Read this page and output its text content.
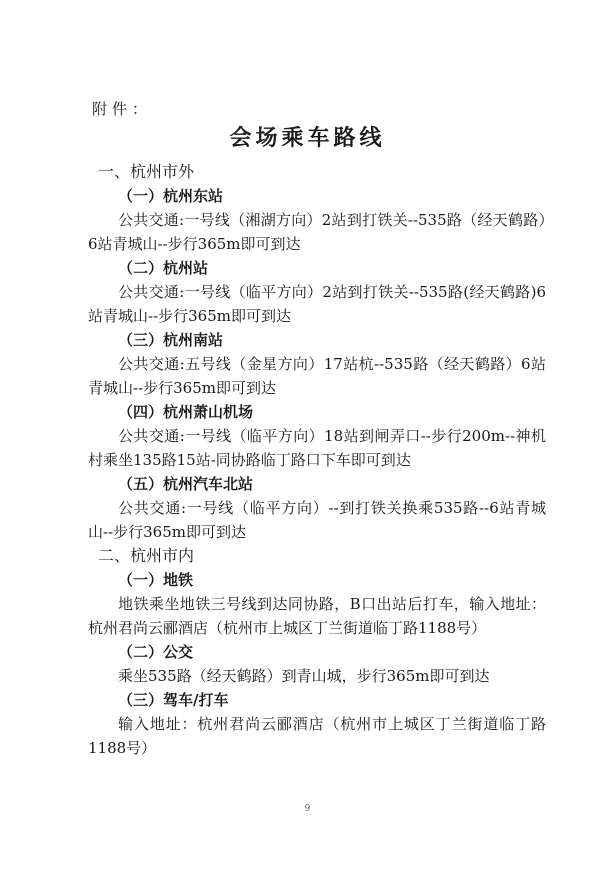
附件：
会场乘车路线
一、杭州市外
（一）杭州东站
公共交通:一号线（湘湖方向）2站到打铁关--535路（经天鹤路）6站青城山--步行365m即可到达
（二）杭州站
公共交通:一号线（临平方向）2站到打铁关--535路(经天鹤路)6站青城山--步行365m即可到达
（三）杭州南站
公共交通:五号线（金星方向）17站杭--535路（经天鹤路）6站青城山--步行365m即可到达
（四）杭州萧山机场
公共交通:一号线（临平方向）18站到闸弄口--步行200m--神机村乘坐135路15站-同协路临丁路口下车即可到达
（五）杭州汽车北站
公共交通:一号线（临平方向）--到打铁关换乘535路--6站青城山--步行365m即可到达
二、杭州市内
（一）地铁
地铁乘坐地铁三号线到达同协路，B口出站后打车，输入地址：杭州君尚云郦酒店（杭州市上城区丁兰街道临丁路1188号）
（二）公交
乘坐535路（经天鹤路）到青山城，步行365m即可到达
（三）驾车/打车
输入地址：杭州君尚云郦酒店（杭州市上城区丁兰街道临丁路1188号）
9
